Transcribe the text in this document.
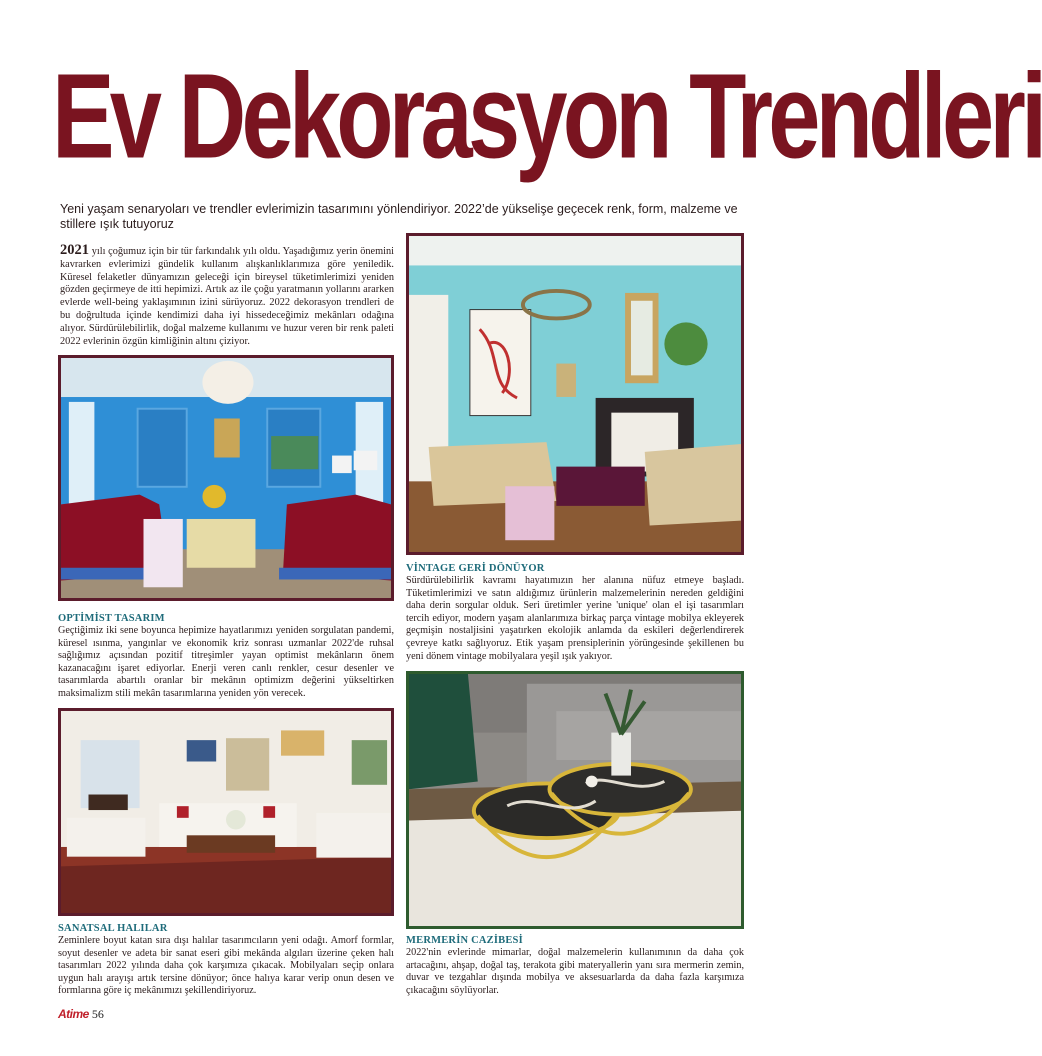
Ev Dekorasyon Trendleri
Yeni yaşam senaryoları ve trendler evlerimizin tasarımını yönlendiriyor. 2022’de yükselişe geçecek renk, form, malzeme ve stillere ışık tutuyoruz
2021 yılı çoğumuz için bir tür farkındalık yılı oldu. Yaşadığımız yerin önemini kavrarken evlerimizi gündelik kullanım alışkanlıklarımıza göre yeniledik. Küresel felaketler dünyamızın geleceği için bireysel tüketimlerimizi yeniden gözden geçirmeye de itti hepimizi. Artık az ile çoğu yaratmanın yollarını ararken evlerde well-being yaklaşımının izini sürüyoruz. 2022 dekorasyon trendleri de bu doğrultuda içinde kendimizi daha iyi hissedeceğimiz mekânları odağına alıyor. Sürdürülebilirlik, doğal malzeme kullanımı ve huzur veren bir renk paleti 2022 evlerinin özgün kimliğinin altını çiziyor.
OPTİMİST TASARIM

Geçtiğimiz iki sene boyunca hepimize hayatlarımızı yeniden sorgulatan pandemi, küresel ısınma, yangınlar ve ekonomik kriz sonrası uzmanlar 2022'de ruhsal sağlığımız açısından pozitif titreşimler yayan optimist mekânların önem kazanacağını işaret ediyorlar. Enerji veren canlı renkler, cesur desenler ve tasarımlarda abartılı oranlar bir mekânın optimizm değerini yükseltirken maksimalizm stili mekân tasarımlarına yeniden yön verecek.

VİNTAGE GERİ DÖNÜYOR

Sürdürülebilirlik kavramı hayatımızın her alanına nüfuz etmeye başladı. Tüketimlerimizi ve satın aldığımız ürünlerin malzemelerinin nereden geldiğini daha derin sorgular olduk. Seri üretimler yerine 'unique' olan el işi tasarımları tercih ediyor, modern yaşam alanlarımıza birkaç parça vintage mobilya ekleyerek geçmişin nostaljisini yaşatırken ekolojik anlamda da eskileri değerlendirerek çevreye katkı sağlıyoruz. Etik yaşam prensiplerinin yörüngesinde şekillenen bu yeni dönem vintage mobilyalara yeşil ışık yakıyor.

SANATSAL HALILAR

Zeminlere boyut katan sıra dışı halılar tasarımcıların yeni odağı. Amorf formlar, soyut desenler ve adeta bir sanat eseri gibi mekânda algıları üzerine çeken halı tasarımları 2022 yılında daha çok karşımıza çıkacak. Mobilyaları seçip onlara uygun halı arayışı artık tersine dönüyor; önce halıya karar verip onun desen ve formlarına göre iç mekânımızı şekillendiriyoruz.

MERMERİN CAZİBESİ

2022'nin evlerinde mimarlar, doğal malzemelerin kullanımının da daha çok artacağını, ahşap, doğal taş, terakota gibi materyallerin yanı sıra mermerin zemin, duvar ve tezgahlar dışında mobilya ve aksesuarlarda da daha fazla karşımıza çıkacağını söylüyorlar.

Atime 56
